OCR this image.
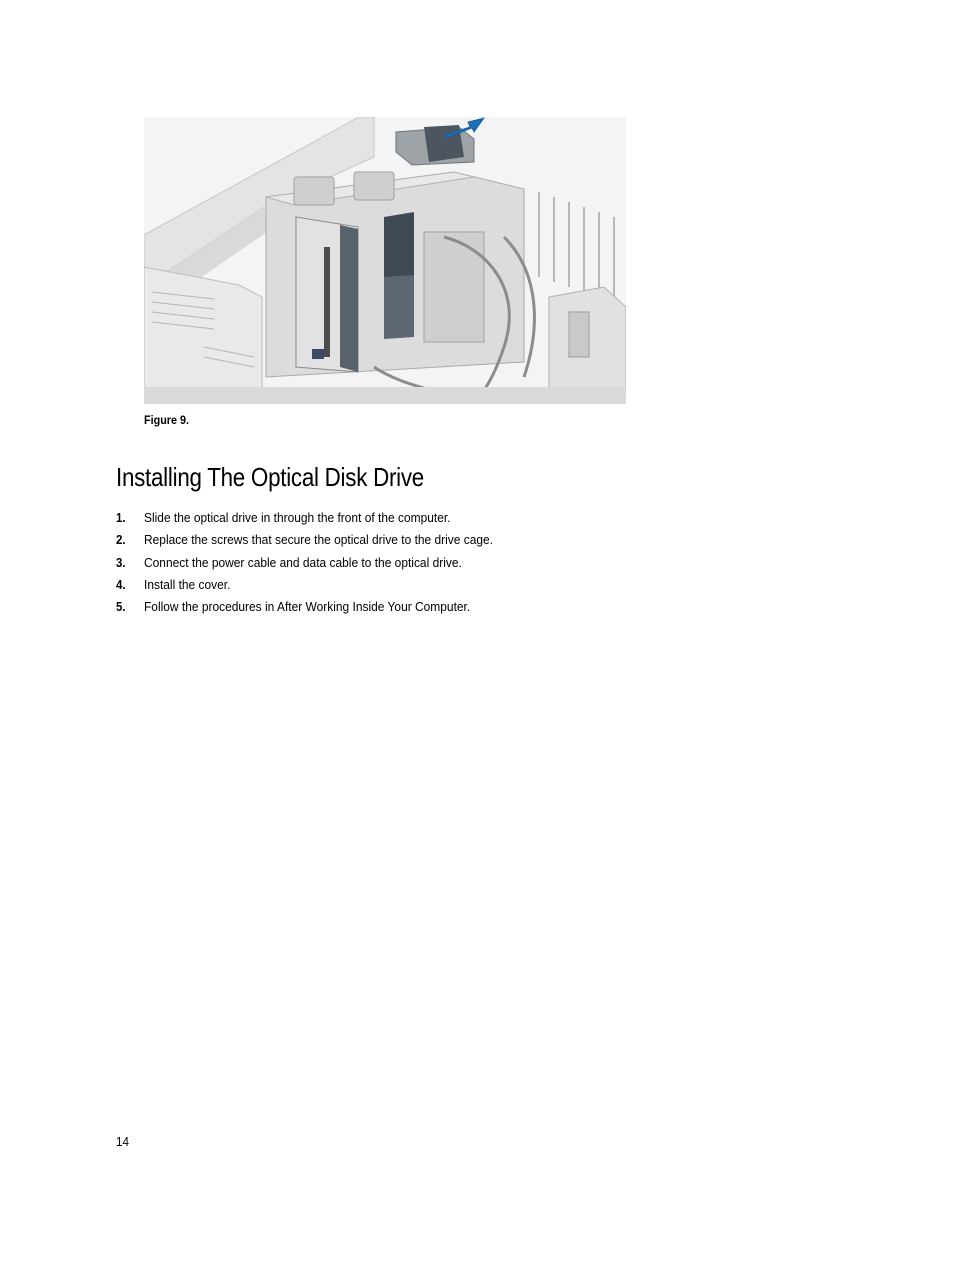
Figure 9.
Installing The Optical Disk Drive
1. Slide the optical drive in through the front of the computer.
2. Replace the screws that secure the optical drive to the drive cage.
3. Connect the power cable and data cable to the optical drive.
4. Install the cover.
5. Follow the procedures in After Working Inside Your Computer.
14
